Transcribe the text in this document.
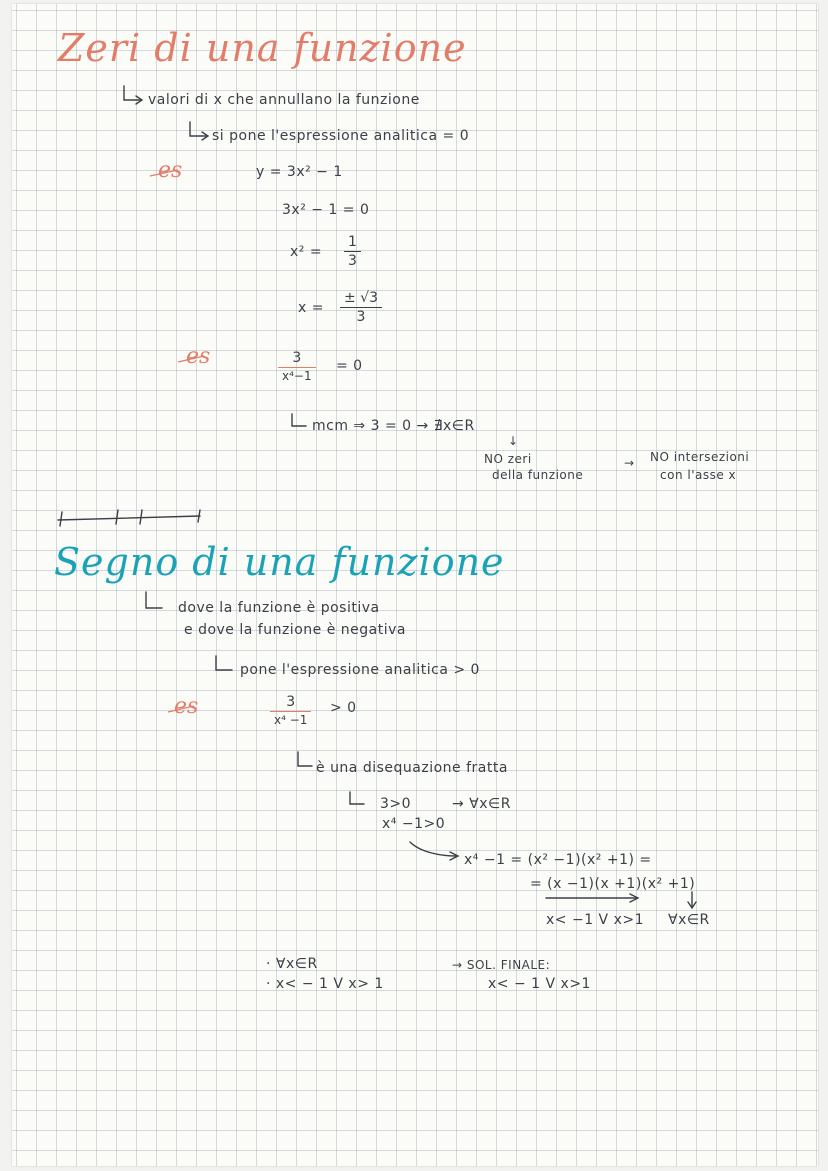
Zeri di una funzione
valori di x che annullano la funzione
si pone l'espressione analitica = 0
es	y = 3x² − 1
3x² − 1 = 0
x² =
1
3
x =
± √3
3
es	3
x⁴−1
= 0
mcm ⇒ 3 = 0 → ∄x∈R
↓
NO zeri
della funzione
→ NO intersezioni
con l'asse x
Segno di una funzione
dove la funzione è positiva
e dove la funzione è negativa
pone l'espressione analitica > 0
es	3
x⁴ −1
> 0
è una disequazione fratta
3>0	→ ∀x∈R
x⁴ −1>0
x⁴ −1 = (x² −1)(x² +1) =
= (x −1)(x +1)(x² +1)
x< −1 V x>1 ∀x∈R
· ∀x∈R
· x< − 1 V x> 1
→ SOL. FINALE:
x< − 1 V x>1
